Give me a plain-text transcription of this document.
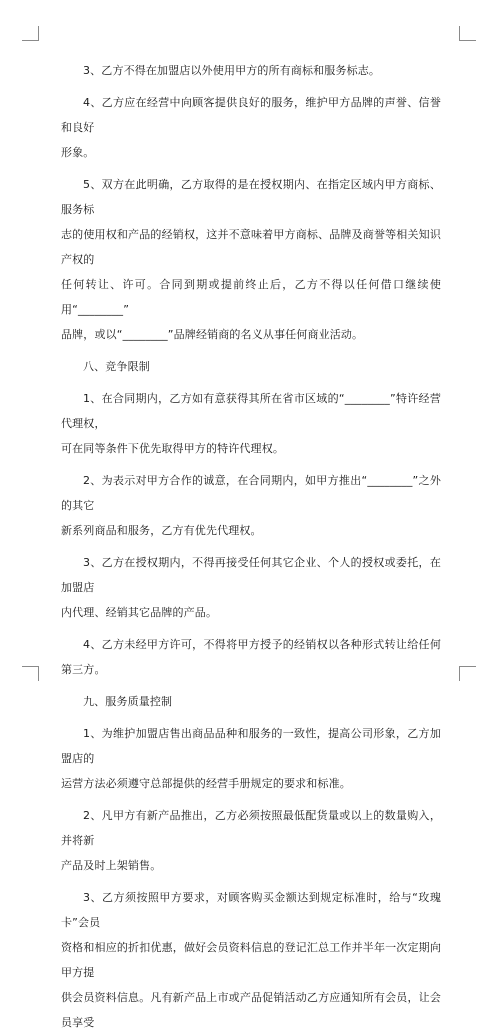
3、乙方不得在加盟店以外使用甲方的所有商标和服务标志。

4、乙方应在经营中向顾客提供良好的服务，维护甲方品牌的声誉、信誉和良好

形象。

5、双方在此明确，乙方取得的是在授权期内、在指定区域内甲方商标、服务标

志的使用权和产品的经销权，这并不意味着甲方商标、品牌及商誉等相关知识产权的

任何转让、许可。合同到期或提前终止后，乙方不得以任何借口继续使用“________”

品牌，或以“________”品牌经销商的名义从事任何商业活动。

八、竞争限制

1、在合同期内，乙方如有意获得其所在省市区域的“________”特许经营代理权，

可在同等条件下优先取得甲方的特许代理权。

2、为表示对甲方合作的诚意，在合同期内，如甲方推出“________”之外的其它

新系列商品和服务，乙方有优先代理权。

3、乙方在授权期内，不得再接受任何其它企业、个人的授权或委托，在加盟店

内代理、经销其它品牌的产品。

4、乙方未经甲方许可，不得将甲方授予的经销权以各种形式转让给任何第三方。

九、服务质量控制

1、为维护加盟店售出商品品种和服务的一致性，提高公司形象，乙方加盟店的

运营方法必须遵守总部提供的经营手册规定的要求和标准。

2、凡甲方有新产品推出，乙方必须按照最低配货量或以上的数量购入，并将新

产品及时上架销售。

3、乙方须按照甲方要求，对顾客购买金额达到规定标准时，给与“玫瑰卡”会员

资格和相应的折扣优惠，做好会员资料信息的登记汇总工作并半年一次定期向甲方提

供会员资料信息。凡有新产品上市或产品促销活动乙方应通知所有会员，让会员享受
